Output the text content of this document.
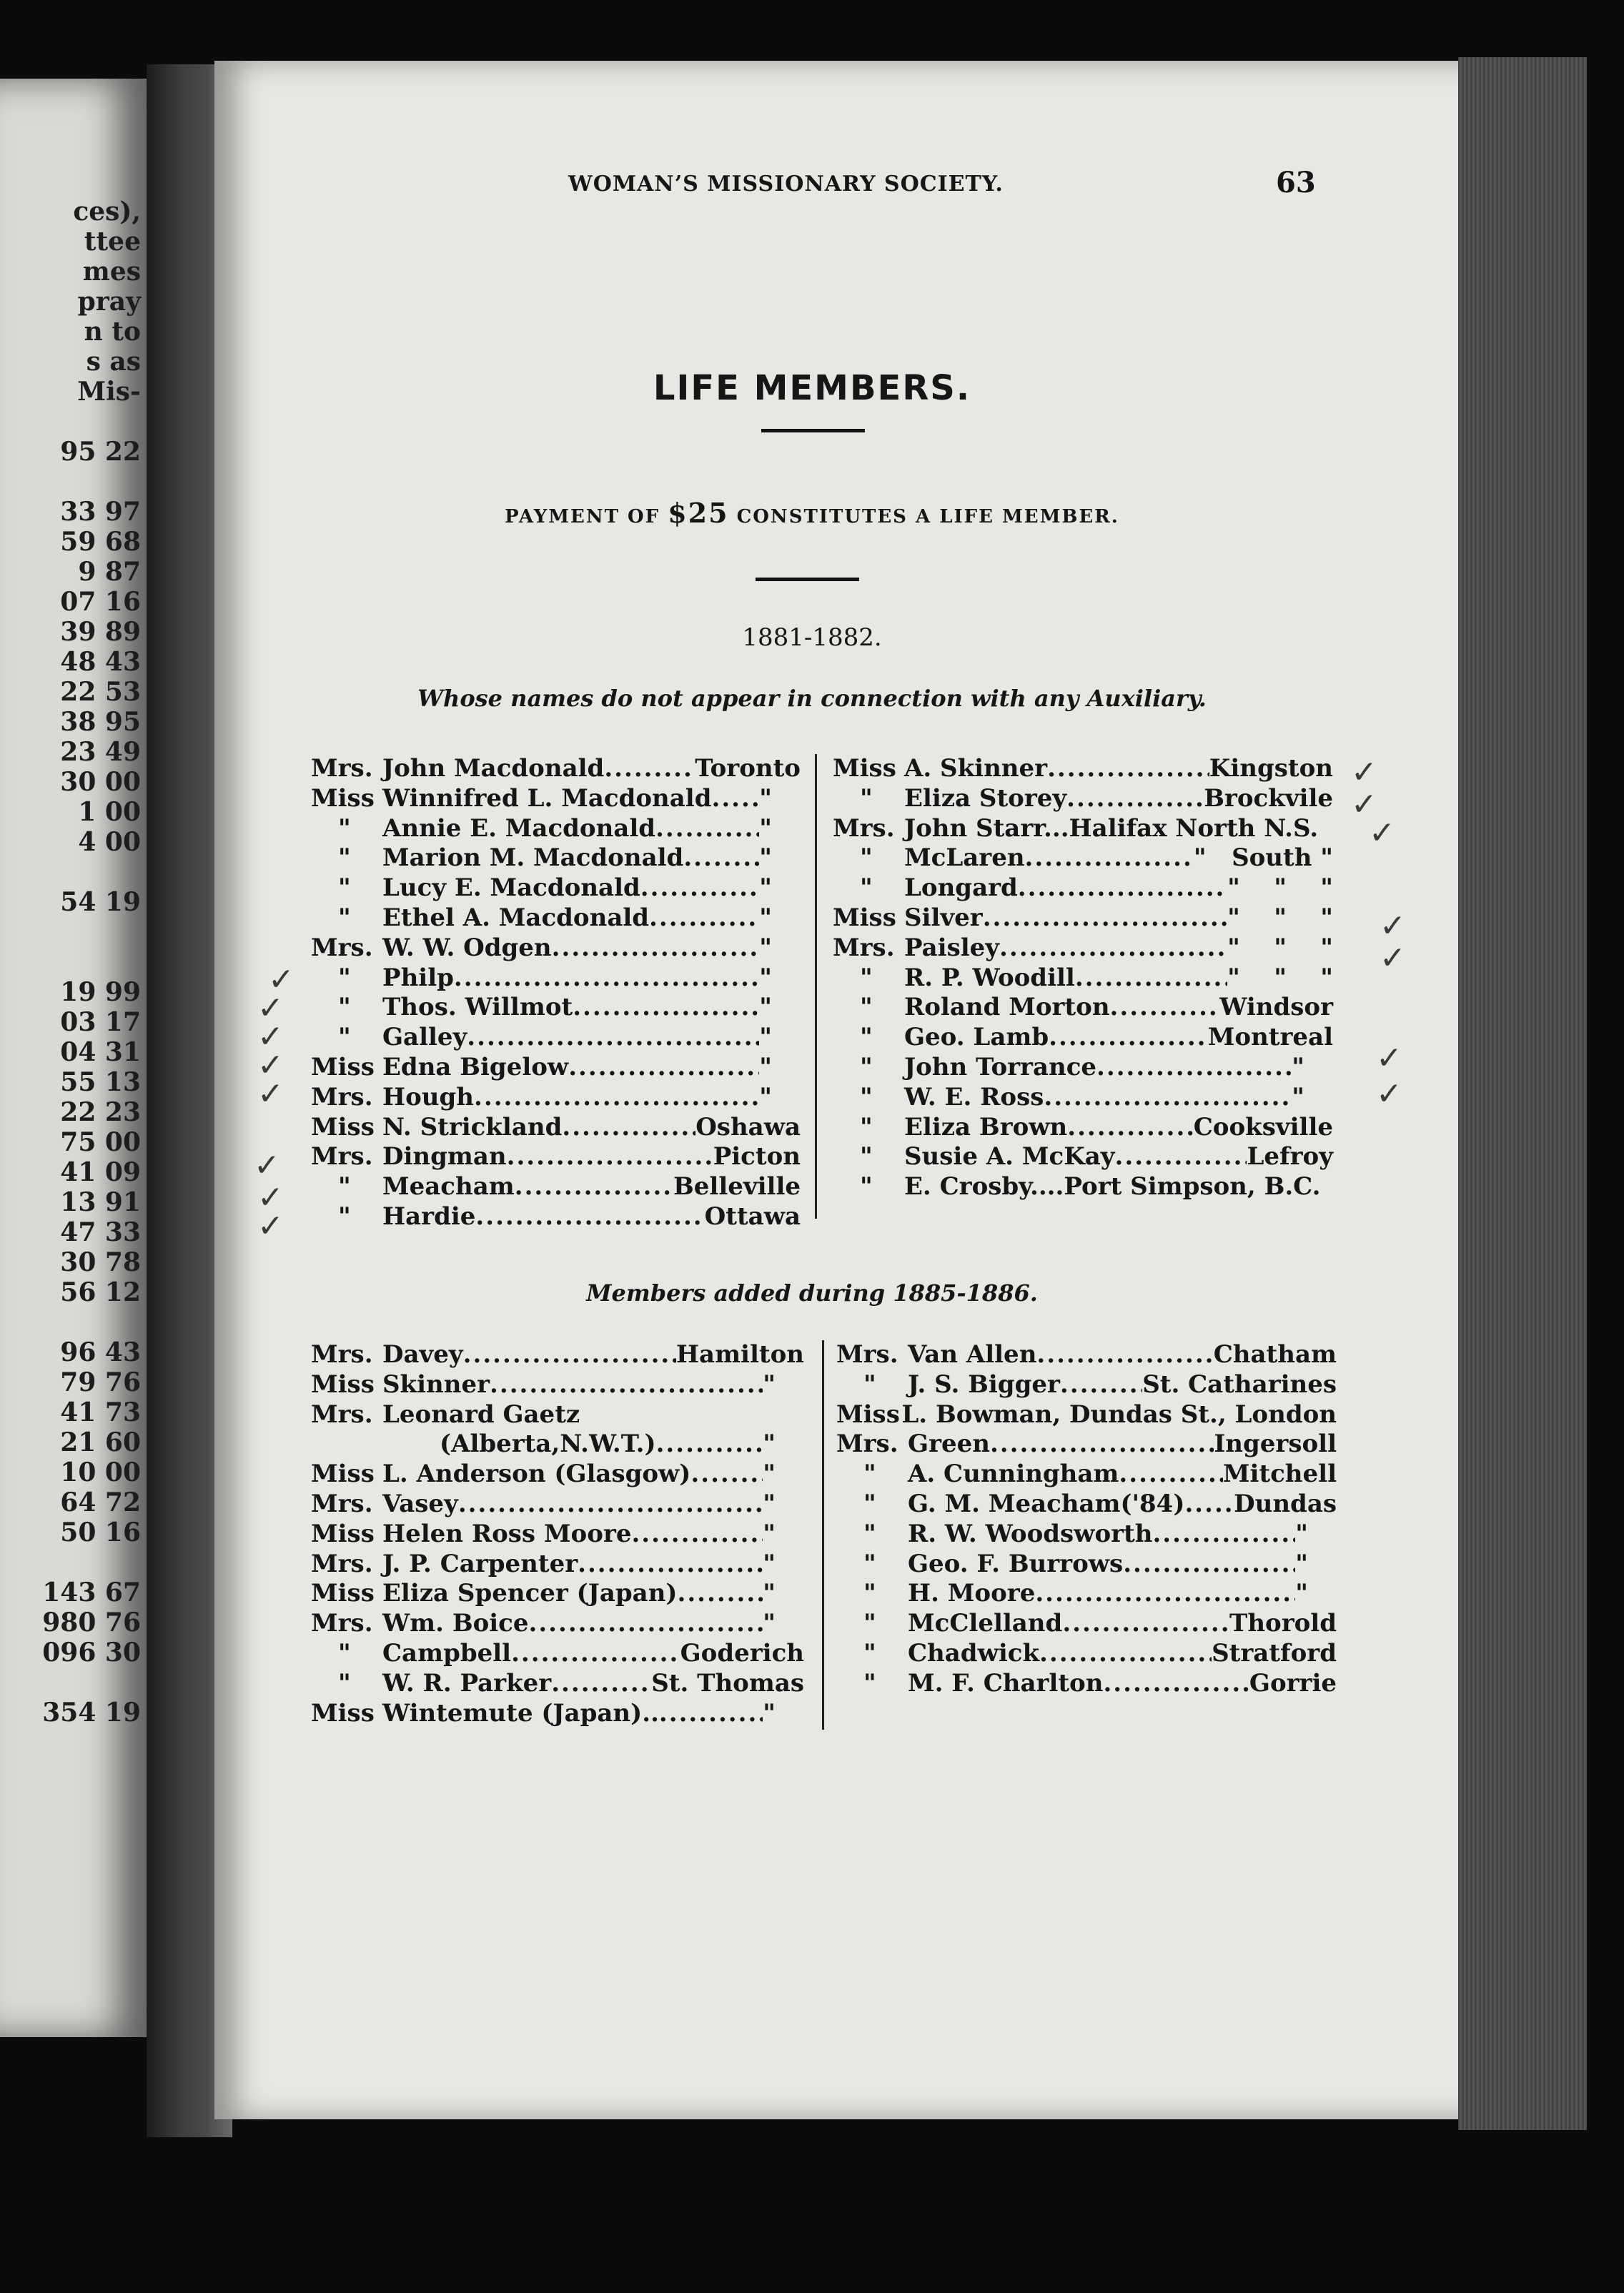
ces),
ttee
mes
pray
n to
s as
Mis-
95 22
33 97
59 68
9 87
07 16
39 89
48 43
22 53
38 95
23 49
30 00
1 00
4 00
54 19
19 99
03 17
04 31
55 13
22 23
75 00
41 09
13 91
47 33
30 78
56 12
96 43
79 76
41 73
21 60
10 00
64 72
50 16
143 67
980 76
096 30
354 19
WOMAN’S MISSIONARY SOCIETY.	63
LIFE MEMBERS.
PAYMENT OF $25 CONSTITUTES A LIFE MEMBER.
1881-1882.
Whose names do not appear in connection with any Auxiliary.
Mrs. John Macdonald .....	Toronto
Miss Winnifred L. Macdonald ..... "
"	Annie E. Macdonald .....	"
"	Marion M. Macdonald .....	"
"	Lucy E. Macdonald .....	"
"	Ethel A. Macdonald .....	"
Mrs. W. W. Odgen .....	"
"	Philp .....	"
"	Thos. Willmot .....	"
"	Galley .....	"
Miss Edna Bigelow .....	"
Mrs. Hough .....	"
Miss N. Strickland .....	Oshawa
Mrs. Dingman .....	Picton
"	Meacham .....	Belleville
"	Hardie .....	Ottawa
Miss A. Skinner .....	Kingston
"	Eliza Storey .....	Brockvile
Mrs. John Starr...Halifax North N.S.
"	McLaren .....	"   South "
"	Longard .....	"    "    "
Miss Silver .....	"    "    "
Mrs. Paisley .....	"    "    "
"	R. P. Woodill .....	"    "    "
"	Roland Morton .....	Windsor
"	Geo. Lamb .....	Montreal
"	John Torrance .....	"
"	W. E. Ross .....	"
"	Eliza Brown .....	Cooksville
"	Susie A. McKay .....	Lefroy
"	E. Crosby....Port Simpson, B.C.
Members added during 1885-1886.
Mrs. Davey .....	Hamilton
Miss Skinner .....	"
Mrs. Leonard Gaetz
(Alberta,N.W.T.) .....	"
Miss L. Anderson (Glasgow) .....	"
Mrs. Vasey .....	"
Miss Helen Ross Moore .....	"
Mrs. J. P. Carpenter .....	"
Miss Eliza Spencer (Japan) .....	"
Mrs. Wm. Boice .....	"
"	Campbell .....	Goderich
"	W. R. Parker .....	St. Thomas
Miss Wintemute (Japan).. .....	"
Mrs. Van Allen .....	Chatham
"	J. S. Bigger .....	St. Catharines
Miss L. Bowman, Dundas St., London
Mrs. Green .....	Ingersoll
"	A. Cunningham .....	Mitchell
"	G. M. Meacham('84) ..... Dundas
"	R. W. Woodsworth .....	"
"	Geo. F. Burrows .....	"
"	H. Moore .....	"
"	McClelland .....	Thorold
"	Chadwick .....	Stratford
"	M. F. Charlton .....	Gorrie
✓
✓
✓
✓
✓
✓
✓
✓
✓
✓
✓
✓
✓
✓
✓
